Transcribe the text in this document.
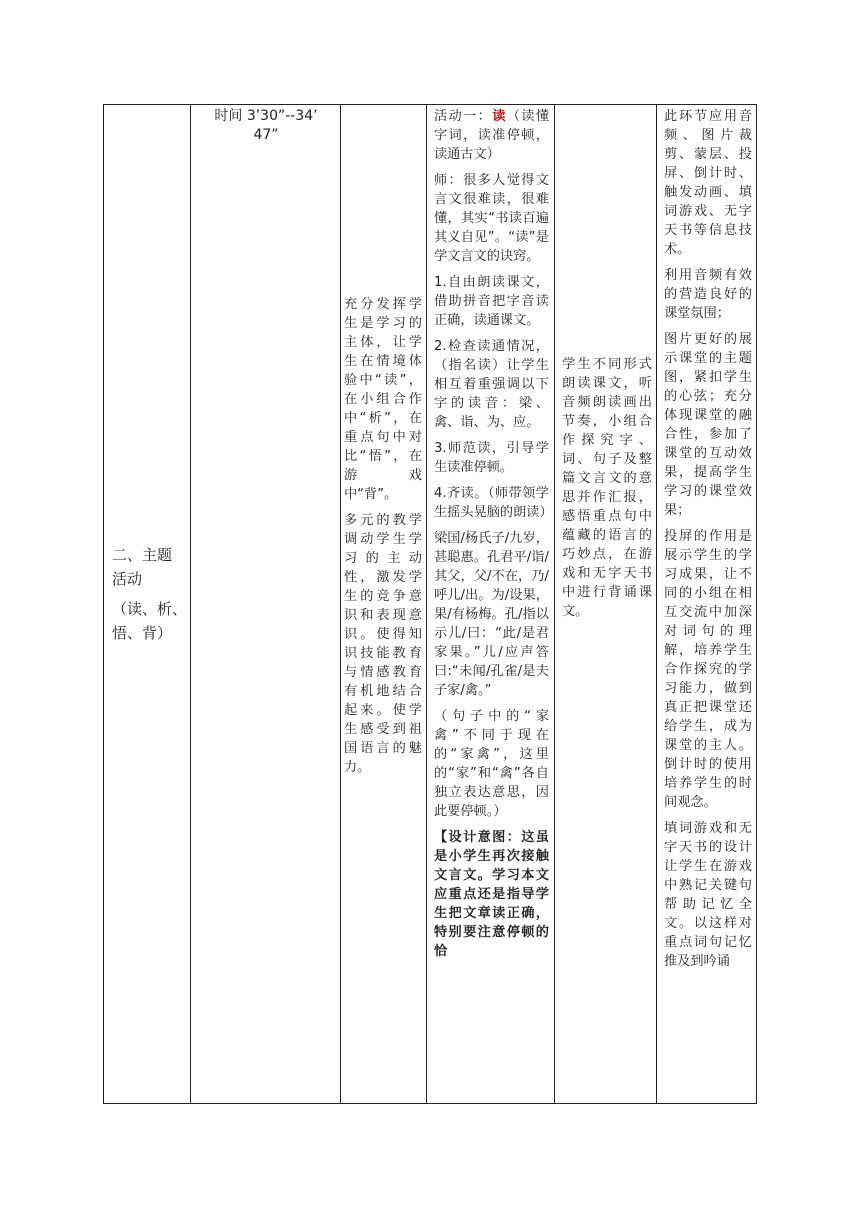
二、主题
活动
（读、析、
悟、背）
时间 3’30”--34’
47”

充分发挥学生是学习的主体，让学生在情境体验中“读”，在小组合作中“析”，在重点句中对比“悟”，在游戏中“背”。

多元的教学调动学生学习的主动性，激发学生的竞争意识和表现意识。使得知识技能教育与情感教育有机地结合起来。使学生感受到祖国语言的魅力。

活动一：读（读懂字词，读准停顿，读通古文）

师：很多人觉得文言文很难读，很难懂，其实“书读百遍其义自见”。“读”是学文言文的诀窍。

1.自由朗读课文，借助拼音把字音读正确，读通课文。

2.检查读通情况，（指名读）让学生相互着重强调以下字的读音：梁、禽、诣、为、应。

3.师范读，引导学生读准停顿。

4.齐读。（师带领学生摇头晃脑的朗读）

梁国/杨氏子/九岁，甚聪惠。孔君平/诣/其父，父/不在，乃/呼儿/出。为/设果，果/有杨梅。孔/指以示儿/曰：“此/是君家果。”儿/应声答曰:“未闻/孔雀/是夫子家/禽。”

（句子中的“家禽”不同于现在的“家禽”，这里的“家”和“禽”各自独立表达意思，因此要停顿。）

【设计意图：这虽是小学生再次接触文言文。学习本文应重点还是指导学生把文章读正确，特别要注意停顿的恰

学生不同形式朗读课文，听音频朗读画出节奏，小组合作探究字、词、句子及整篇文言文的意思并作汇报，感悟重点句中蕴藏的语言的巧妙点，在游戏和无字天书中进行背诵课文。

此环节应用音频、图片裁剪、蒙层、投屏、倒计时、触发动画、填词游戏、无字天书等信息技术。

利用音频有效的营造良好的课堂氛围；

图片更好的展示课堂的主题图，紧扣学生的心弦；充分体现课堂的融合性，参加了课堂的互动效果，提高学生学习的课堂效果；

投屏的作用是展示学生的学习成果，让不同的小组在相互交流中加深对词句的理解，培养学生合作探究的学习能力，做到真正把课堂还给学生，成为课堂的主人。倒计时的使用培养学生的时间观念。

填词游戏和无字天书的设计让学生在游戏中熟记关键句帮助记忆全文。以这样对重点词句记忆推及到吟诵
